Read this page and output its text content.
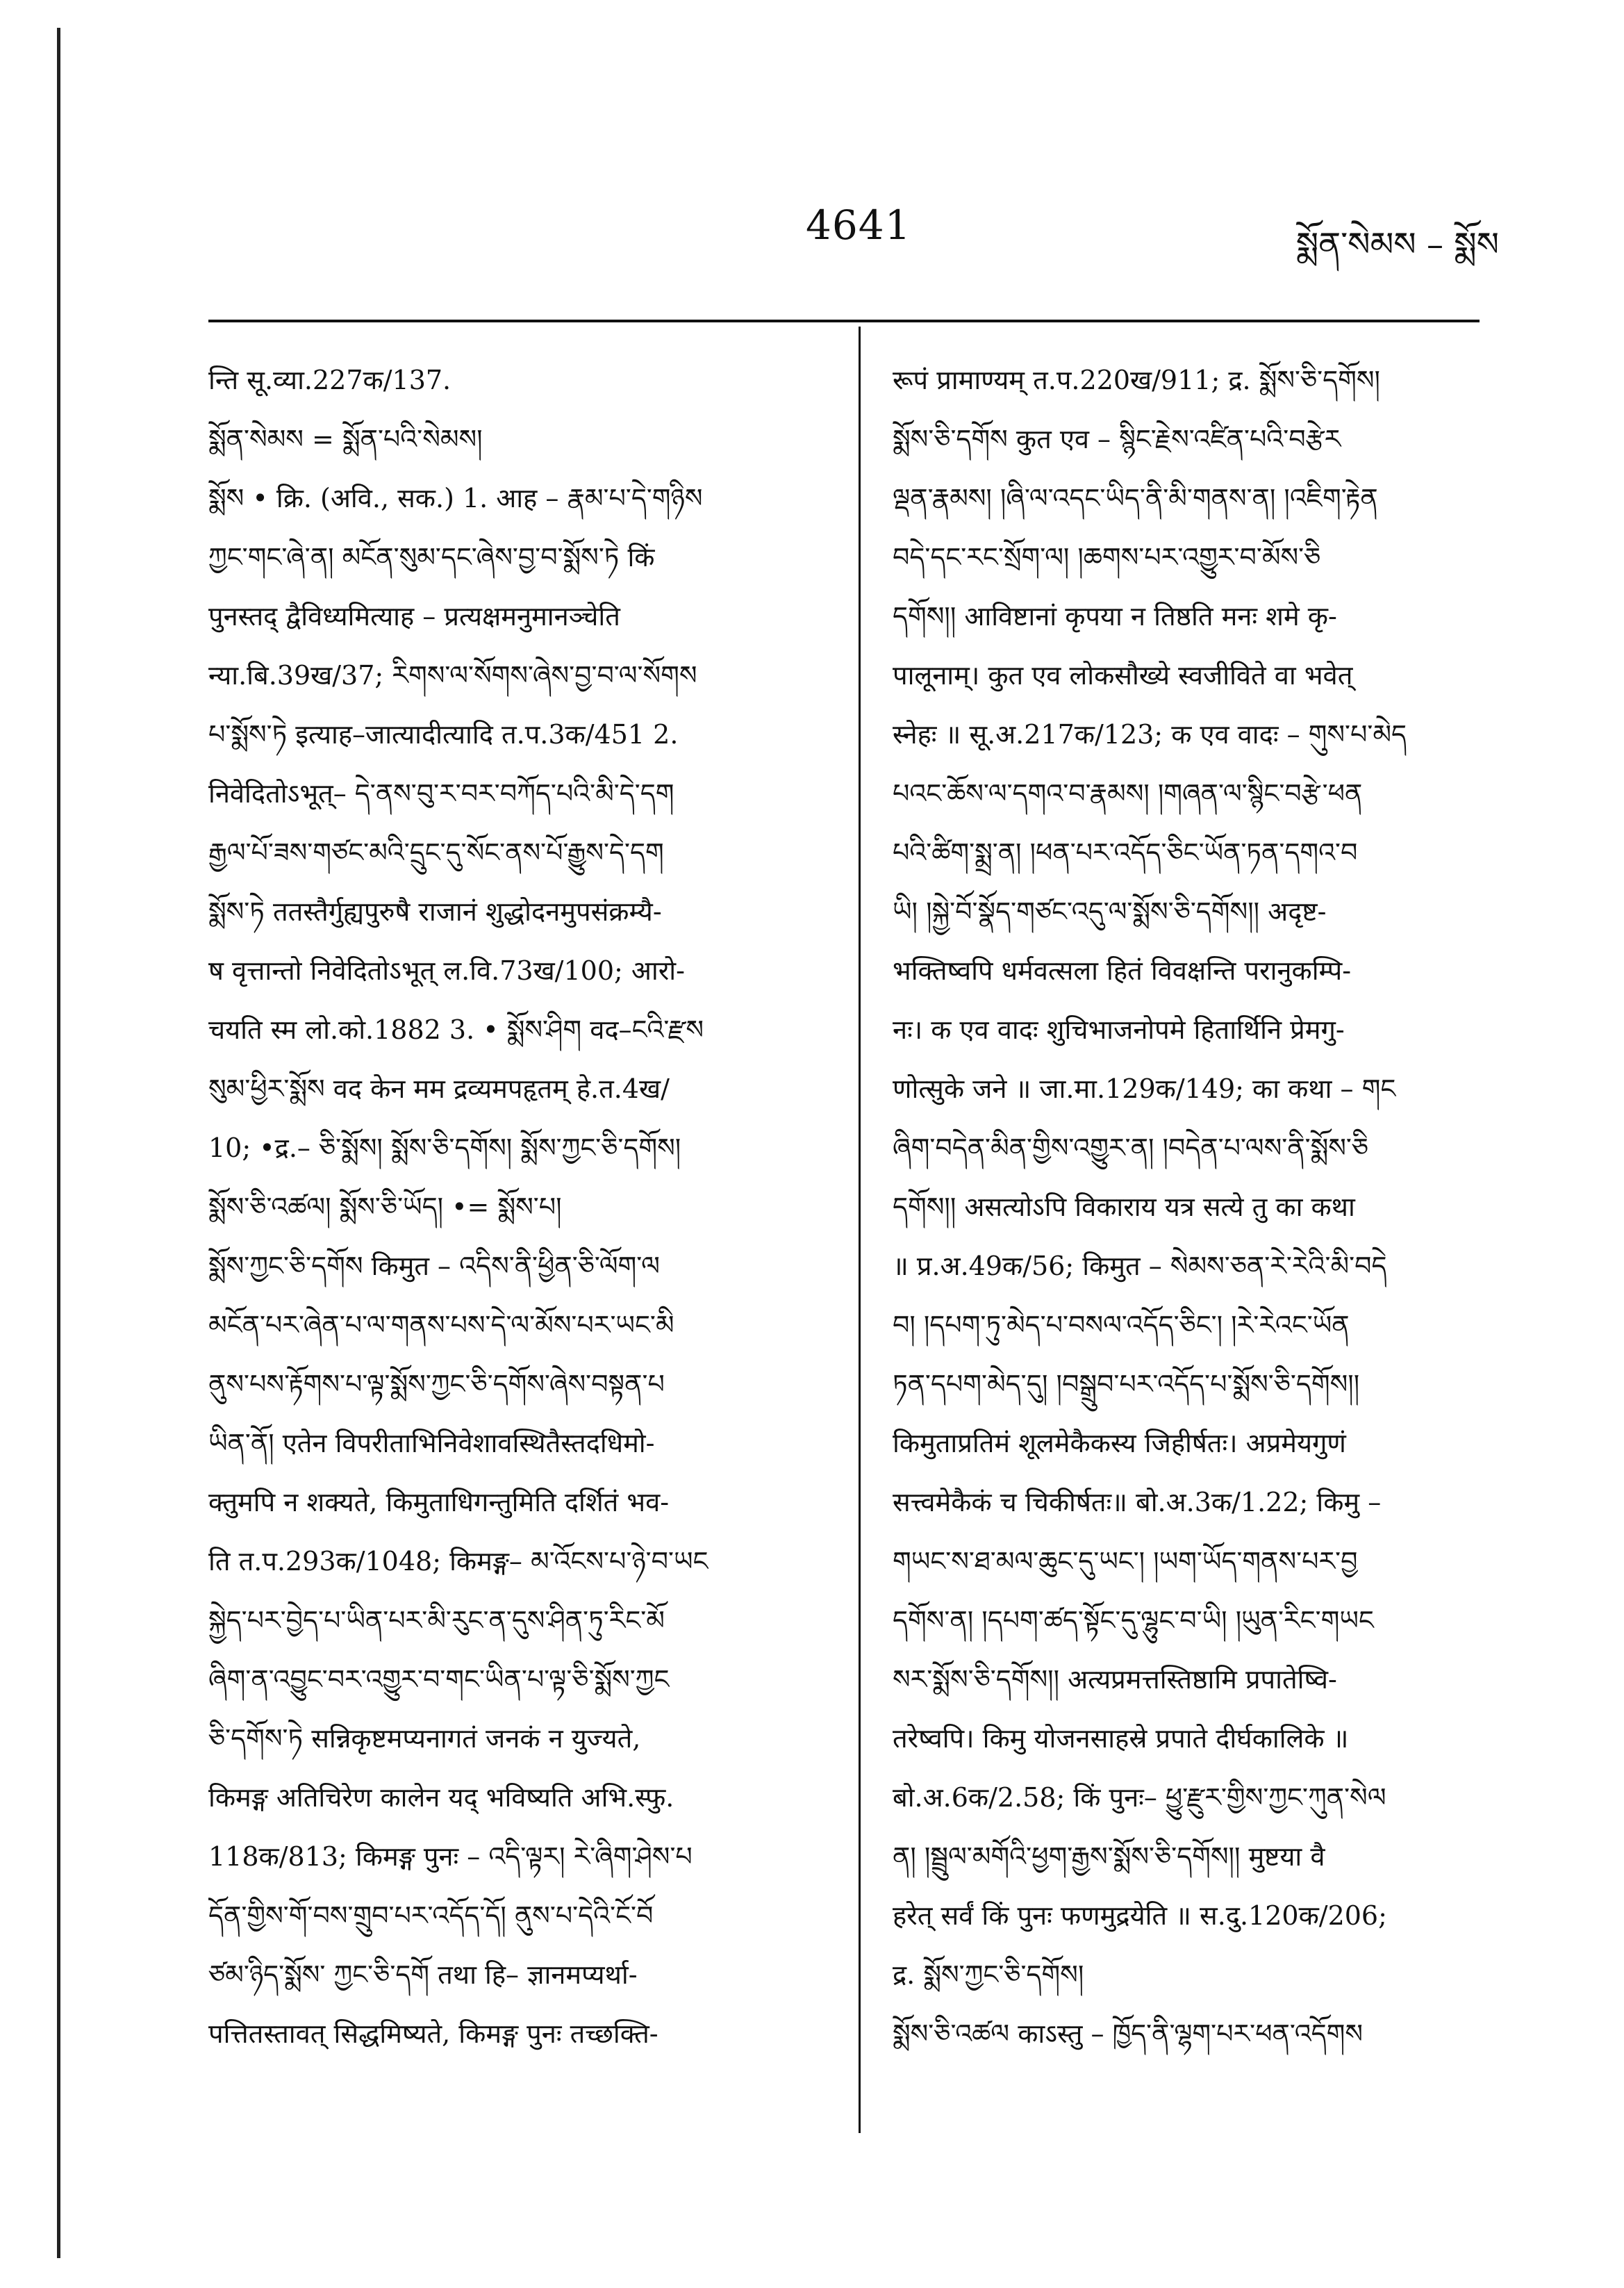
4641	སྨོན་སེམས – སྨོས
न्ति सू.व्या.227क/137.
སྨོན་སེམས = སྨོན་པའི་སེམས།
སྨོས • क्रि. (अवि., सक.) 1. आह – རྣམ་པ་དེ་གཉིས
ཀྱང་གང་ཞེ་ན། མངོན་སུམ་དང་ཞེས་བྱ་བ་སྨོས་ཏེ किं
पुनस्तद् द्वैविध्यमित्याह – प्रत्यक्षमनुमानञ्चेति
न्या.बि.39ख/37; རིགས་ལ་སོགས་ཞེས་བྱ་བ་ལ་སོགས
པ་སྨོས་ཏེ इत्याह–जात्यादीत्यादि त.प.3क/451 2.
निवेदितोऽभूत्– དེ་ནས་བུ་ར་བར་བཀོད་པའི་མི་དེ་དག
རྒྱལ་པོ་ཟས་གཙང་མའི་དྲུང་དུ་སོང་ནས་པོ་རྒྱུས་དེ་དག
སྨོས་ཏེ ततस्तैर्गुह्यपुरुषै राजानं शुद्धोदनमुपसंक्रम्यै-
ष वृत्तान्तो निवेदितोऽभूत् ल.वि.73ख/100; आरो-
चयति स्म लो.को.1882 3. • སྨོས་ཤིག वद–ངའི་རྫས
སུམ་ཕྱིར་སྨོས वद केन मम द्रव्यमपहृतम् हे.त.4ख/
10; •द्र.– ཅི་སྨོས། སྨོས་ཅི་དགོས། སྨོས་ཀྱང་ཅི་དགོས།
སྨོས་ཅི་འཚལ། སྨོས་ཅི་ཡོད། •= སྨོས་པ།
སྨོས་ཀྱང་ཅི་དགོས किमुत – འདིས་ནི་ཕྱིན་ཅི་ལོག་ལ
མངོན་པར་ཞེན་པ་ལ་གནས་པས་དེ་ལ་མོས་པར་ཡང་མི
ནུས་པས་རྟོགས་པ་ལྟ་སྨོས་ཀྱང་ཅི་དགོས་ཞེས་བསྟན་པ
ཡིན་ནོ། एतेन विपरीताभिनिवेशावस्थितैस्तदधिमो-
क्तुमपि न शक्यते, किमुताधिगन्तुमिति दर्शितं भव-
ति त.प.293क/1048; किमङ्ग– མ་འོངས་པ་ཉེ་བ་ཡང
སྐྱེད་པར་བྱེད་པ་ཡིན་པར་མི་རུང་ན་དུས་ཤིན་ཏུ་རིང་མོ
ཞིག་ན་འབྱུང་བར་འགྱུར་བ་གང་ཡིན་པ་ལྟ་ཅི་སྨོས་ཀྱང
ཅི་དགོས་ཏེ सन्निकृष्टमप्यनागतं जनकं न युज्यते,
किमङ्ग अतिचिरेण कालेन यद् भविष्यति अभि.स्फु.
118क/813; किमङ्ग पुनः – འདི་ལྟར། རེ་ཞིག་ཤེས་པ
དོན་གྱིས་གོ་བས་གྲུབ་པར་འདོད་དོ། ནུས་པ་དེའི་ངོ་བོ
ཙམ་ཉིད་སྨོས་ ཀྱང་ཅི་དགོ तथा हि– ज्ञानमप्यर्था-
पत्तितस्तावत् सिद्धमिष्यते, किमङ्ग पुनः तच्छक्ति-
रूपं प्रामाण्यम् त.प.220ख/911; द्र. སྨོས་ཅི་དགོས།
སྨོས་ཅི་དགོས कुत एव – སྙིང་རྗེས་འཛིན་པའི་བརྩེར
ལྡན་རྣམས། །ཞི་ལ་འདང་ཡིད་ནི་མི་གནས་ན། །འཇིག་རྟེན
བདེ་དང་རང་སྲོག་ལ། །ཆགས་པར་འགྱུར་བ་མོས་ཅི
དགོས།། आविष्टानां कृपया न तिष्ठति मनः शमे कृ-
पालूनाम्। कुत एव लोकसौख्ये स्वजीविते वा भवेत्
स्नेहः ॥ सू.अ.217क/123; क एव वादः – གུས་པ་མེད
པའང་ཆོས་ལ་དགའ་བ་རྣམས། །གཞན་ལ་སྙིང་བརྩེ་ཕན
པའི་ཚིག་སྨྲ་ན། །ཕན་པར་འདོད་ཅིང་ཡོན་ཏན་དགའ་བ
ཡི། །སྐྱེ་བོ་སྣོད་གཙང་འདུ་ལ་སྨོས་ཅི་དགོས།། अदृष्ट-
भक्तिष्वपि धर्मवत्सला हितं विवक्षन्ति परानुकम्पि-
नः। क एव वादः शुचिभाजनोपमे हितार्थिनि प्रेमगु-
णोत्सुके जने ॥ जा.मा.129क/149; का कथा – གང
ཞིག་བདེན་མིན་གྱིས་འགྱུར་ན། །བདེན་པ་ལས་ནི་སྨོས་ཅི
དགོས།། असत्योऽपि विकाराय यत्र सत्ये तु का कथा
॥ प्र.अ.49क/56; किमुत – སེམས་ཅན་རེ་རེའི་མི་བདེ
བ། །དཔག་ཏུ་མེད་པ་བསལ་འདོད་ཅིང་། །རེ་རེའང་ཡོན
ཏན་དཔག་མེད་དུ། །བསྒྲུབ་པར་འདོད་པ་སྨོས་ཅི་དགོས།།
किमुताप्रतिमं शूलमेकैकस्य जिहीर्षतः। अप्रमेयगुणं
सत्त्वमेकैकं च चिकीर्षतः॥ बो.अ.3क/1.22; किमु –
གཡང་ས་ཐ་མལ་ཆུང་དུ་ཡང་། །ཡག་ཡོད་གནས་པར་བྱ
དགོས་ན། །དཔག་ཚད་སྟོང་དུ་ལྷུང་བ་ཡི། །ཡུན་རིང་གཡང
སར་སྨོས་ཅི་དགོས།། अत्यप्रमत्तस्तिष्ठामि प्रपातेष्वि-
तरेष्वपि। किमु योजनसाहस्रे प्रपाते दीर्घकालिके ॥
बो.अ.6क/2.58; किं पुनः– ཕྱུ་རྫུར་གྱིས་ཀྱང་ཀུན་སེལ
ན། །སྦྲུལ་མགོའི་ཕྱག་རྒྱས་སྨོས་ཅི་དགོས།། मुष्टया वै
हरेत् सर्वं किं पुनः फणमुद्रयेति ॥ स.दु.120क/206;
द्र. སྨོས་ཀྱང་ཅི་དགོས།
སྨོས་ཅི་འཚལ काऽस्तु – ཁྱོད་ནི་ལྷག་པར་ཕན་འདོགས
